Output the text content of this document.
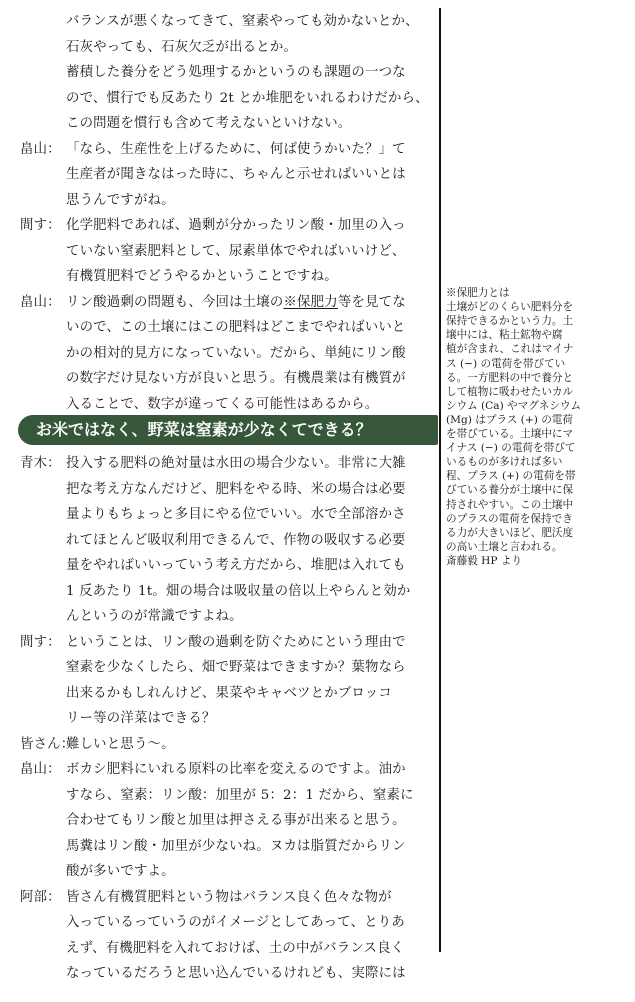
バランスが悪くなってきて、窒素やっても効かないとか、
石灰やっても、石灰欠乏が出るとか。
蓄積した養分をどう処理するかというのも課題の一つな
ので、慣行でも反あたり 2t とか堆肥をいれるわけだから、
この問題を慣行も含めて考えないといけない。
畠山： 「なら、生産性を上げるために、何ば使うかいた？」て
生産者が聞きなはった時に、ちゃんと示せればいいとは
思うんですがね。
間す： 化学肥料であれば、過剰が分かったリン酸・加里の入っ
ていない窒素肥料として、尿素単体でやればいいけど、
有機質肥料でどうやるかということですね。
畠山： リン酸過剰の問題も、今回は土壌の※保肥力等を見てな
いので、この土壌にはこの肥料はどこまでやればいいと
かの相対的見方になっていない。だから、単純にリン酸
の数字だけ見ない方が良いと思う。有機農業は有機質が
入ることで、数字が違ってくる可能性はあるから。
青木： 投入する肥料の絶対量は水田の場合少ない。非常に大雑
把な考え方なんだけど、肥料をやる時、米の場合は必要
量よりもちょっと多目にやる位でいい。水で全部溶かさ
れてほとんど吸収利用できるんで、作物の吸収する必要
量をやればいいっていう考え方だから、堆肥は入れても
1 反あたり 1t。畑の場合は吸収量の倍以上やらんと効か
んというのが常識ですよね。
間す： ということは、リン酸の過剰を防ぐためにという理由で
窒素を少なくしたら、畑で野菜はできますか？葉物なら
出来るかもしれんけど、果菜やキャベツとかブロッコ
リー等の洋菜はできる？
皆さん：
難しいと思う〜。
畠山： ボカシ肥料にいれる原料の比率を変えるのですよ。油か
すなら、窒素：リン酸：加里が 5：2：1 だから、窒素に
合わせてもリン酸と加里は押さえる事が出来ると思う。
馬糞はリン酸・加里が少ないね。ヌカは脂質だからリン
酸が多いですよ。
阿部： 皆さん有機質肥料という物はバランス良く色々な物が
入っているっていうのがイメージとしてあって、とりあ
えず、有機肥料を入れておけば、土の中がバランス良く
なっているだろうと思い込んでいるけれども、実際には
お米ではなく、野菜は窒素が少なくてできる？
※保肥力とは
土壌がどのくらい肥料分を
保持できるかという力。土
壌中には、粘土鉱物や腐
植が含まれ、これはマイナ
ス (−) の電荷を帯びてい
る。一方肥料の中で養分と
して植物に吸わせたいカル
シウム (Ca) やマグネシウム
(Mg) はプラス (+) の電荷
を帯びている。土壌中にマ
イナス (−) の電荷を帯びて
いるものが多ければ多い
程、プラス (+) の電荷を帯
びている養分が土壌中に保
持されやすい。この土壌中
のプラスの電荷を保持でき
る力が大きいほど、肥沃度
の高い土壌と言われる。
斎藤毅 HP より
